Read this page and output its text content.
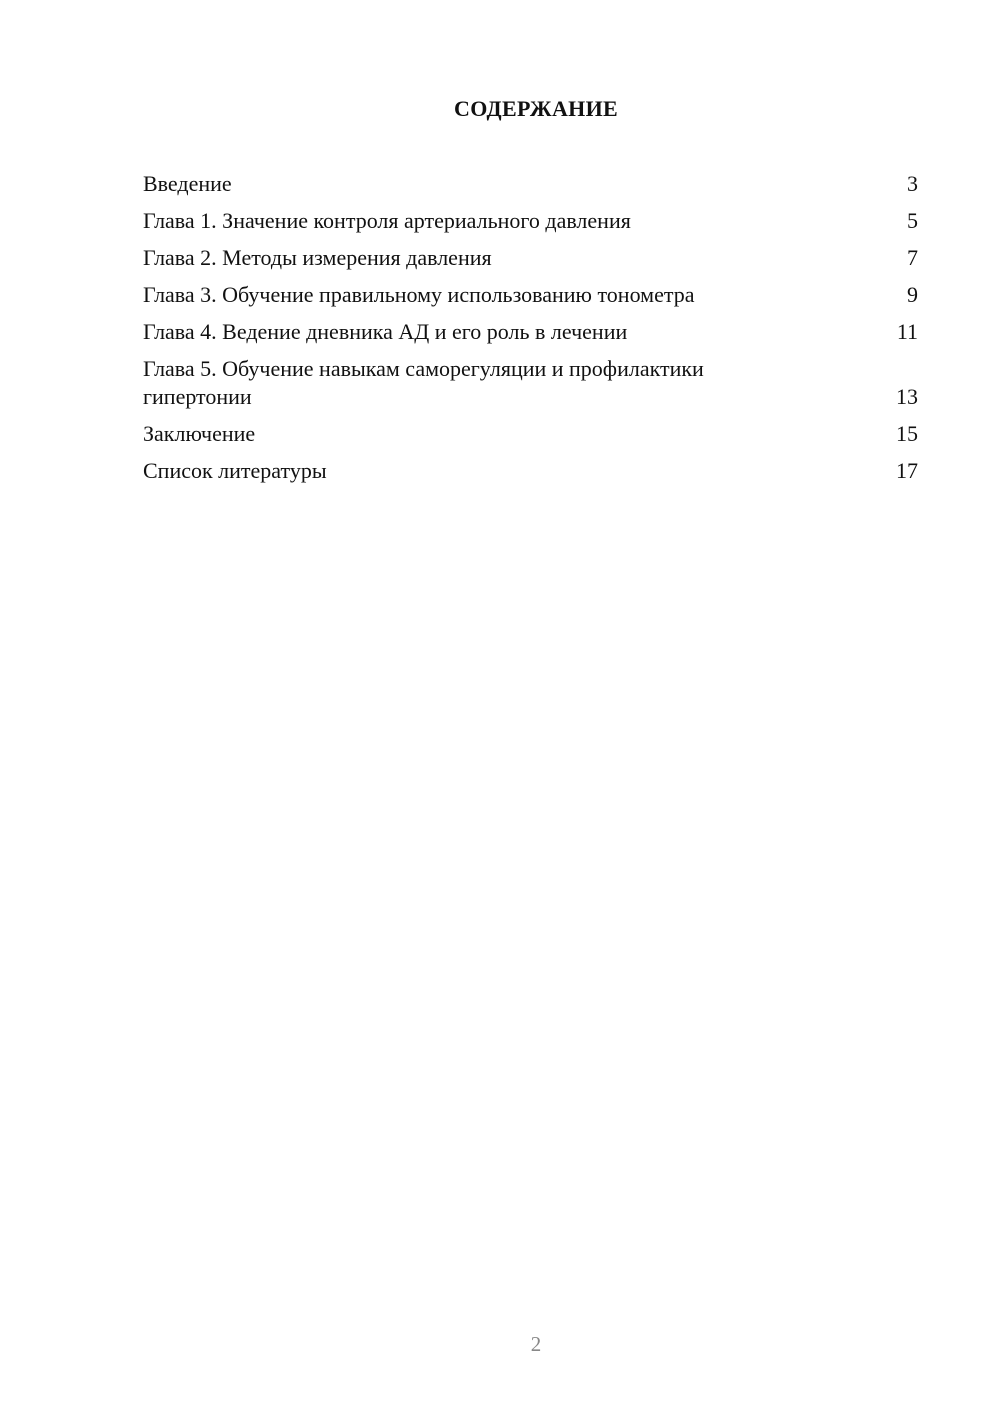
СОДЕРЖАНИЕ
Введение	3
Глава 1. Значение контроля артериального давления	5
Глава 2. Методы измерения давления	7
Глава 3. Обучение правильному использованию тонометра	9
Глава 4. Ведение дневника АД и его роль в лечении	11
Глава 5. Обучение навыкам саморегуляции и профилактики гипертонии	13
Заключение	15
Список литературы	17
2
